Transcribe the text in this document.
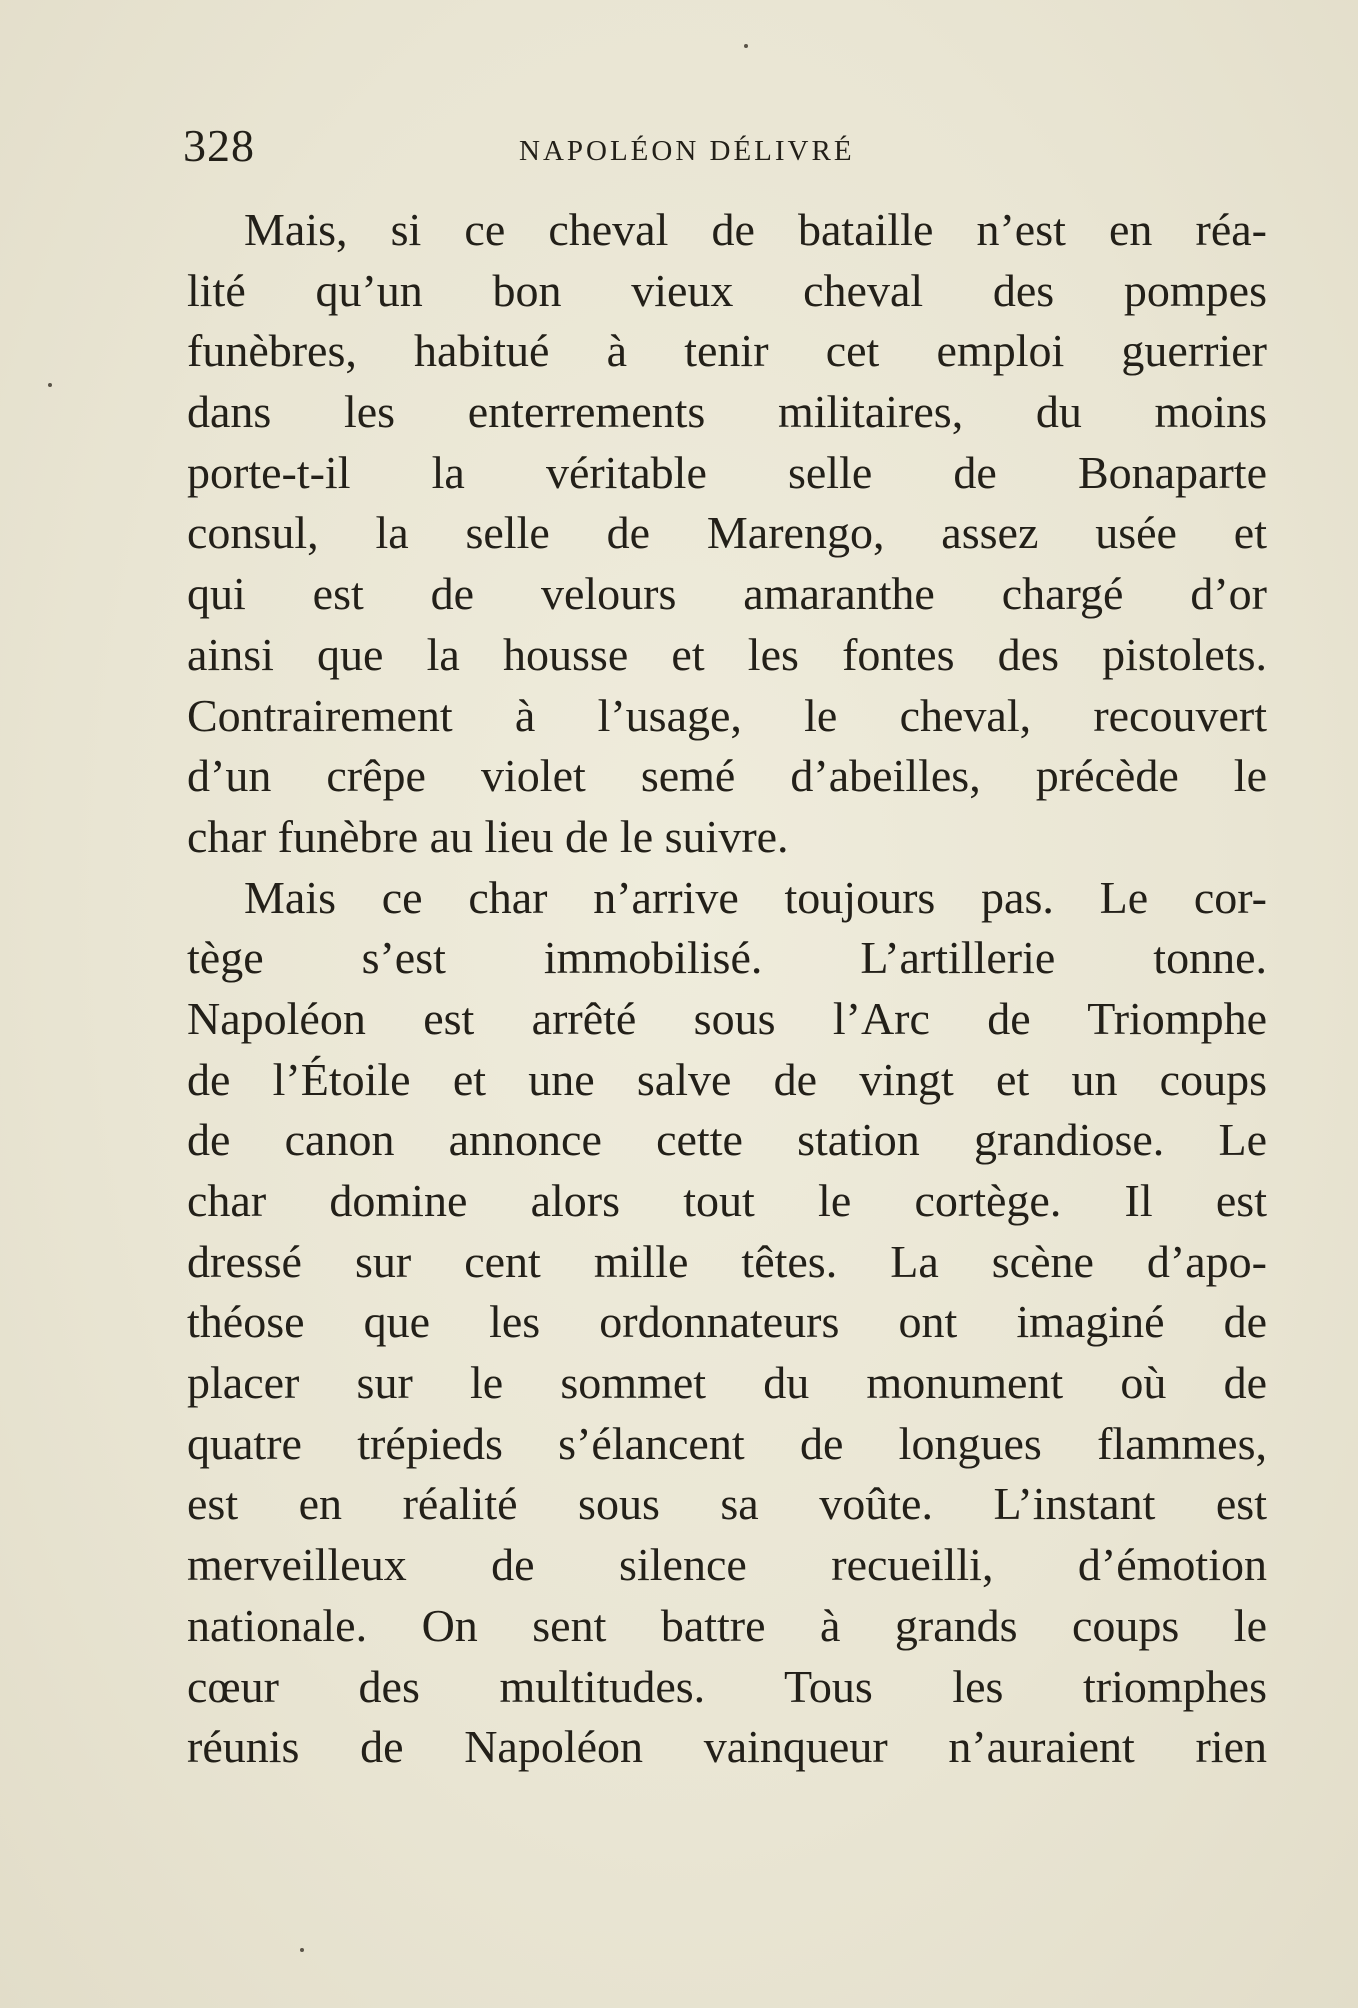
328	NAPOLÉON DÉLIVRÉ
Mais, si ce cheval de bataille n’est en réa-
lité qu’un bon vieux cheval des pompes
funèbres, habitué à tenir cet emploi guerrier
dans les enterrements militaires, du moins
porte-t-il la véritable selle de Bonaparte
consul, la selle de Marengo, assez usée et
qui est de velours amaranthe chargé d’or
ainsi que la housse et les fontes des pistolets.
Contrairement à l’usage, le cheval, recouvert
d’un crêpe violet semé d’abeilles, précède le
char funèbre au lieu de le suivre.
Mais ce char n’arrive toujours pas. Le cor-
tège s’est immobilisé. L’artillerie tonne.
Napoléon est arrêté sous l’Arc de Triomphe
de l’Étoile et une salve de vingt et un coups
de canon annonce cette station grandiose. Le
char domine alors tout le cortège. Il est
dressé sur cent mille têtes. La scène d’apo-
théose que les ordonnateurs ont imaginé de
placer sur le sommet du monument où de
quatre trépieds s’élancent de longues flammes,
est en réalité sous sa voûte. L’instant est
merveilleux de silence recueilli, d’émotion
nationale. On sent battre à grands coups le
cœur des multitudes. Tous les triomphes
réunis de Napoléon vainqueur n’auraient rien
